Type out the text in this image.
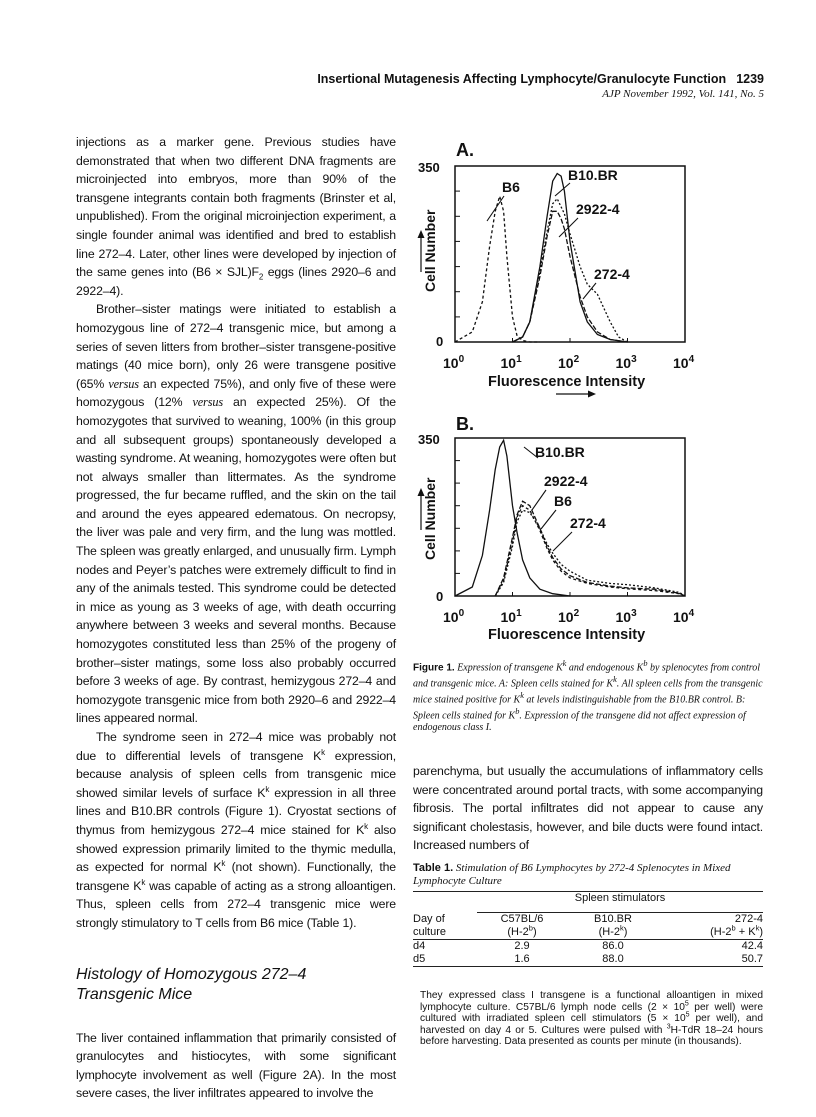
Insertional Mutagenesis Affecting Lymphocyte/Granulocyte Function 1239
AJP November 1992, Vol. 141, No. 5

injections as a marker gene. Previous studies have demonstrated that when two different DNA fragments are microinjected into embryos, more than 90% of the transgene integrants contain both fragments (Brinster et al, unpublished). From the original microinjection experiment, a single founder animal was identified and bred to establish line 272–4. Later, other lines were developed by injection of the same genes into $(B6 \times SJL)F_2$ eggs (lines 2920–6 and 2922–4).

Brother–sister matings were initiated to establish a homozygous line of 272–4 transgenic mice, but among a series of seven litters from brother–sister transgene-positive matings (40 mice born), only 26 were transgene positive (65% versus an expected 75%), and only five of these were homozygous (12% versus an expected 25%). Of the homozygotes that survived to weaning, 100% (in this group and all subsequent groups) spontaneously developed a wasting syndrome. At weaning, homozygotes were often but not always smaller than littermates. As the syndrome progressed, the fur became ruffled, and the skin on the tail and around the eyes appeared edematous. On necropsy, the liver was pale and very firm, and the lung was mottled. The spleen was greatly enlarged, and unusually firm. Lymph nodes and Peyer’s patches were extremely difficult to find in any of the animals tested. This syndrome could be detected in mice as young as 3 weeks of age, with death occurring anywhere between 3 weeks and several months. Because homozygotes constituted less than 25% of the progeny of brother–sister matings, some loss also probably occurred before 3 weeks of age. By contrast, hemizygous 272–4 and homozygote transgenic mice from both 2920–6 and 2922–4 lines appeared normal.

The syndrome seen in 272–4 mice was probably not due to differential levels of transgene $K^k$ expression, because analysis of spleen cells from transgenic mice showed similar levels of surface $K^k$ expression in all three lines and B10.BR controls (Figure 1). Cryostat sections of thymus from hemizygous 272–4 mice stained for $K^k$ also showed expression primarily limited to the thymic medulla, as expected for normal $K^k$ (not shown). Functionally, the transgene $K^k$ was capable of acting as a strong alloantigen. Thus, spleen cells from 272–4 transgenic mice were strongly stimulatory to T cells from B6 mice (Table 1).

Histology of Homozygous 272–4
Transgenic Mice

The liver contained inflammation that primarily consisted of granulocytes and histiocytes, with some significant lymphocyte involvement as well (Figure 2A). In the most severe cases, the liver infiltrates appeared to involve the

A.
350
0
Cell Number
$10^0$	$10^1$	$10^2$	$10^3$	$10^4$
Fluorescence Intensity
B6
B10.BR
2922-4
272-4
B.
350
0
Cell Number
$10^0$	$10^1$	$10^2$	$10^3$	$10^4$
Fluorescence Intensity
B10.BR
2922-4
B6
272-4
Figure 1. Expression of transgene $K^k$ and endogenous $K^b$ by splenocytes from control and transgenic mice. A: Spleen cells stained for $K^k$. All spleen cells from the transgenic mice stained positive for $K^k$ at levels indistinguishable from the B10.BR control. B: Spleen cells stained for $K^b$. Expression of the transgene did not affect expression of endogenous class I.

parenchyma, but usually the accumulations of inflammatory cells were concentrated around portal tracts, with some accompanying fibrosis. The portal infiltrates did not appear to cause any significant cholestasis, however, and bile ducts were found intact. Increased numbers of

Table 1. Stimulation of B6 Lymphocytes by 272-4 Splenocytes in Mixed Lymphocyte Culture

	Spleen stimulators		

Day of	C57BL/6	B10.BR	272-4
culture	(H-2$^b$)	(H-2$^k$)	$(H-2^b + K^k)$
d4	2.9	86.0	42.4
d5	1.6	88.0	50.7
They expressed class I transgene is a functional alloantigen in mixed lymphocyte culture. C57BL/6 lymph node cells ($2 \times 10^5$ per well) were cultured with irradiated spleen cell stimulators ($5 \times 10^5$ per well), and harvested on day 4 or 5. Cultures were pulsed with $^3$H-TdR 18–24 hours before harvesting. Data presented as counts per minute (in thousands).
